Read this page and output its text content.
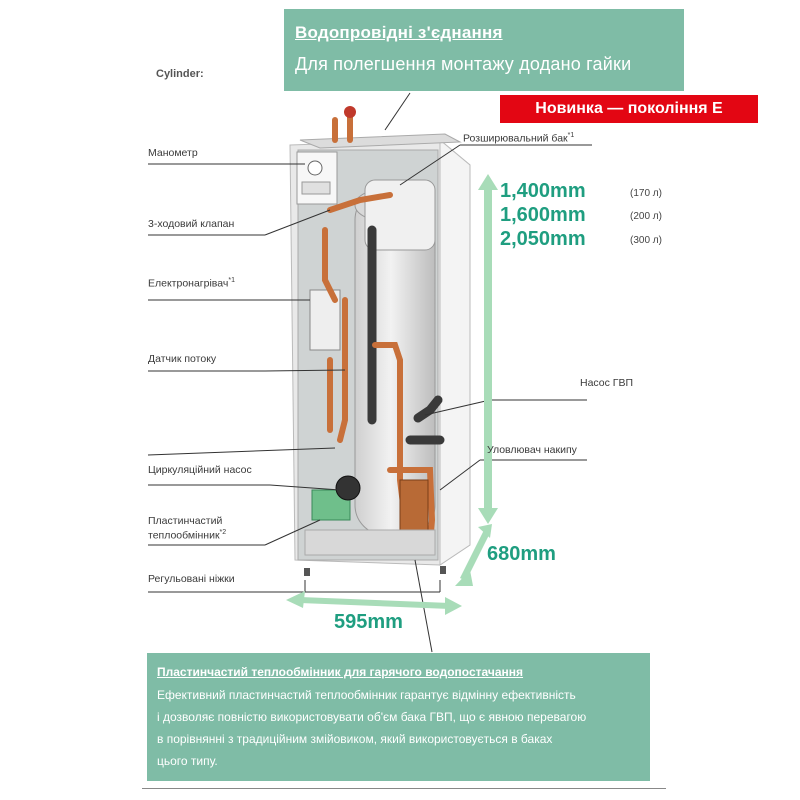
Водопровідні з'єднання
Для полегшення монтажу додано гайки
Cylinder:
Новинка — покоління Е
Манометр
3-ходовий клапан
Електронагрівач$^{*1}$
Датчик потоку
Циркуляційний насос
Пластинчастий
теплообмінник$^{*2}$
Регульовані ніжки
Розширювальний бак$^{*1}$
Насос ГВП
Уловлювач накипу
1,400mm	(170 л)
1,600mm	(200 л)
2,050mm	(300 л)
680mm
595mm
Пластинчастий теплообмінник для гарячого водопостачання
Ефективний пластинчастий теплообмінник гарантує відмінну ефективність
і дозволяє повністю використовувати об'єм бака ГВП, що є явною перевагою
в порівнянні з традиційним змійовиком, який використовується в баках
цього типу.
